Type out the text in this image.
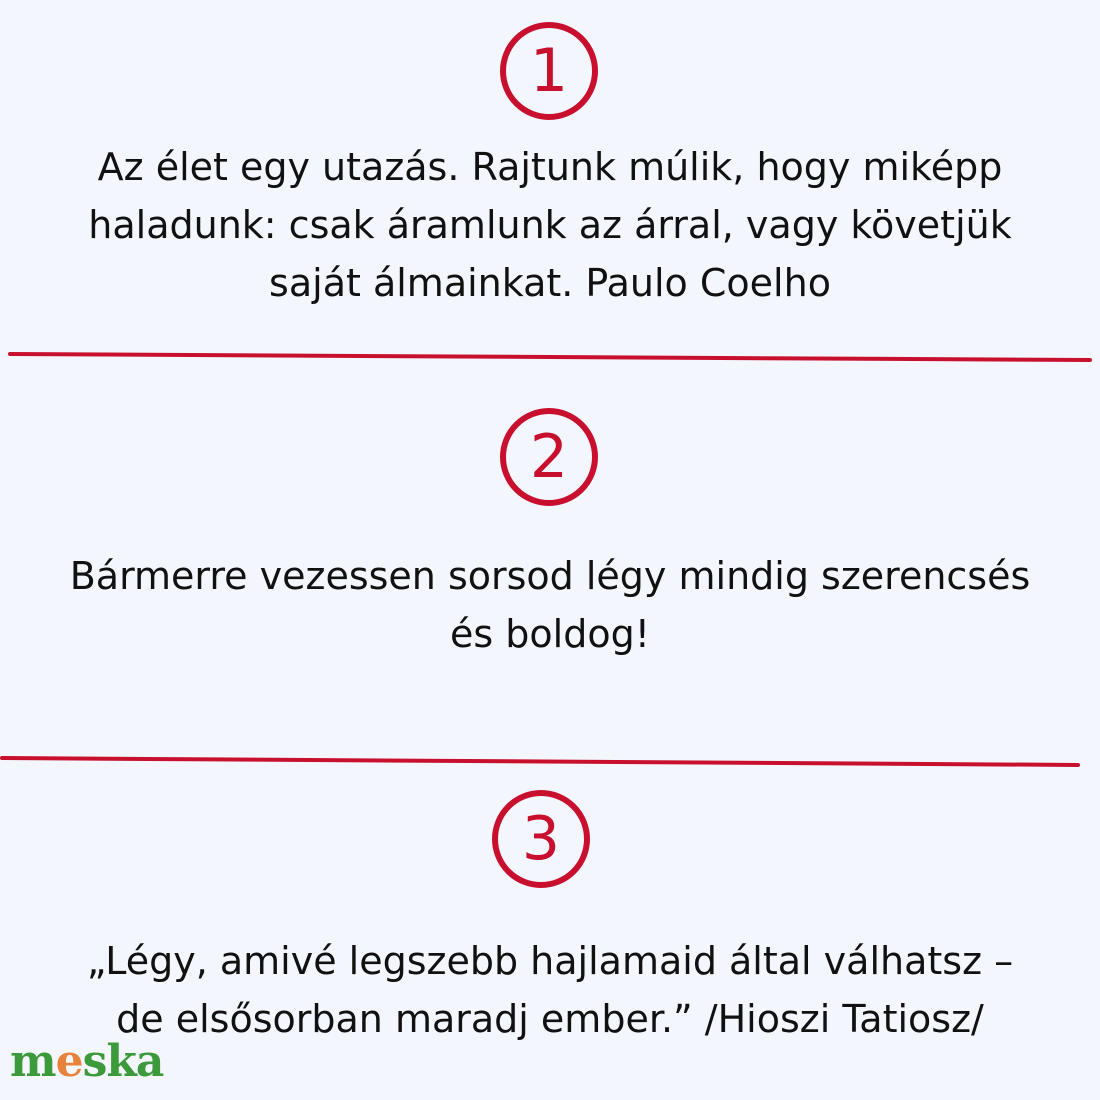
1
Az élet egy utazás. Rajtunk múlik, hogy miképp
haladunk: csak áramlunk az árral, vagy követjük
saját álmainkat. Paulo Coelho
2
Bármerre vezessen sorsod légy mindig szerencsés
és boldog!
3
„Légy, amivé legszebb hajlamaid által válhatsz –
de elsősorban maradj ember.” /Hioszi Tatiosz/
meska
